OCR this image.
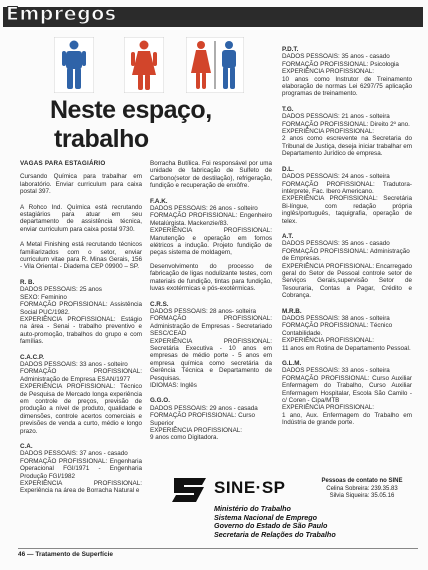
Empregos
Neste espaço,
trabalho
VAGAS PARA ESTAGIÁRIO

Cursando Química para trabalhar em laboratório. Enviar curriculum para caixa postal 397.

A Rohco Ind. Química está recrutando estagiários para atuar em seu departamento de assistência técnica, enviar curriculum para caixa postal 9730.

A Metal Finishing está recrutando técnicos familiarizados com o setor, enviar curriculum vitae para R. Minas Gerais, 156 - Vila Oriental - Diadema CEP 09900 – SP.

R. B.
DADOS PESSOAIS: 25 anos
SEXO: Feminino
FORMAÇÃO PROFISSIONAL: Assistência Social PUC/1982.
EXPERIÊNCIA PROFISSIONAL: Estágio na área - Senai - trabalho preventivo e auto-promoção, trabalhos do grupo e com famílias.
C.A.C.P.
DADOS PESSOAIS: 33 anos - solteiro
FORMAÇÃO PROFISSIONAL: Administração de Empresa ESAN/1977
EXPERIÊNCIA PROFISSIONAL: Técnico de Pesquisa de Mercado longa experiência em controle de preços, previsão de produção a nível de produto, qualidade e dimensões, controle acertos comerciais e previsões de venda a curto, médio e longo prazo.
C.A.
DADOS PESSOAIS: 37 anos - casado
FORMAÇÃO PROFISSIONAL: Engenharia Operacional FGI/1971 - Engenharia Produção FGI/1982
EXPERIÊNCIA PROFISSIONAL: Experiência na área de Borracha Natural e

Borracha Butílica. Foi responsável por uma unidade de fabricação de Sulfeto de Carbono(setor de destilação), refrigeração, fundição e recuperação de enxôfre.

F.A.K.
DADOS PESSOAIS: 26 anos - solteiro
FORMAÇÃO PROFISSIONAL: Engenheiro Metalúrgista. Mackenzie/83.
EXPERIÊNCIA PROFISSIONAL: Manutenção e operação em fornos elétricos a indução. Projeto fundição de peças sistema de moldagem,
Desenvolvimento do processo de fabricação de ligas nodulizante testes, com materiais de fundição, tintas para fundição, luvas exotérmicas e pós-exotérmicas.
C.R.S.
DADOS PESSOAIS: 28 anos- solteira
FORMAÇÃO PROFISSIONAL: Administração de Empresas - Secretariado SESC/CEAD
EXPERIÊNCIA PROFISSIONAL: Secretária Executiva - 10 anos em empresas de médio porte - 5 anos em empresa química como secretária da Gerência Técnica e Departamento de Pesquisas.
IDIOMAS: Inglês
G.G.O.
DADOS PESSOAIS: 29 anos - casada
FORMAÇÃO PROFISSIONAL: Curso Superior
EXPERIÊNCIA PROFISSIONAL:
9 anos como Digitadora.
P.D.T.
DADOS PESSOAIS: 35 anos - casado
FORMAÇÃO PROFISSIONAL: Psicologia
EXPERIÊNCIA PROFISSIONAL:
10 anos como Instrutor de Treinamento elaboração de normas Lei 6297/75 aplicação programas de treinamento.
T.G.
DADOS PESSOAIS: 21 anos - solteira
FORMAÇÃO PROFISSIONAL: Direito 2º ano.
EXPERIÊNCIA PROFISSIONAL:
2 anos como escrevente na Secretaria do Tribunal de Justiça, deseja iniciar trabalhar em Departamento Jurídico de empresa.
D.L.
DADOS PESSOAIS: 24 anos - solteira
FORMAÇÃO PROFISSIONAL: Tradutora- intérprete, Fac. Ibero Americano.
EXPERIÊNCIA PROFISSIONAL: Secretária Bi-língue, com redação própria inglês/português, taquigrafia, operação de telex.
A.T.
DADOS PESSOAIS: 35 anos - casado
FORMAÇÃO PROFISSIONAL: Administração de Empresas.
EXPERIÊNCIA PROFISSIONAL: Encarregado geral do Setor de Pessoal controle setor de Serviços Gerais,supervisão Setor de Tesouraria, Contas a Pagar, Crédito e Cobrança.
M.R.B.
DADOS PESSOAIS: 38 anos - solteira
FORMAÇÃO PROFISSIONAL: Técnico Contabilidade.
EXPERIÊNCIA PROFISSIONAL:
11 anos em Rotina de Departamento Pessoal.
G.L.M.
DADOS PESSOAIS: 33 anos - solteira
FORMAÇÃO PROFISSIONAL: Curso Auxiliar Enfermagem do Trabalho, Curso Auxiliar Enfermagem Hospitalar, Escola São Camilo - c/ Coren - Cipa/MTB
EXPERIÊNCIA PROFISSIONAL:
1 ano, Aux. Enfermagem do Trabalho em Indústria de grande porte.
SINE·SP	Pessoas de contato no SINE
Celina Sobreira: 239.35.83
Silvia Siqueira: 35.05.16
Ministério do Trabalho
Sistema Nacional de Emprego
Governo do Estado de São Paulo
Secretaria de Relações do Trabalho
46 — Tratamento de Superfície
